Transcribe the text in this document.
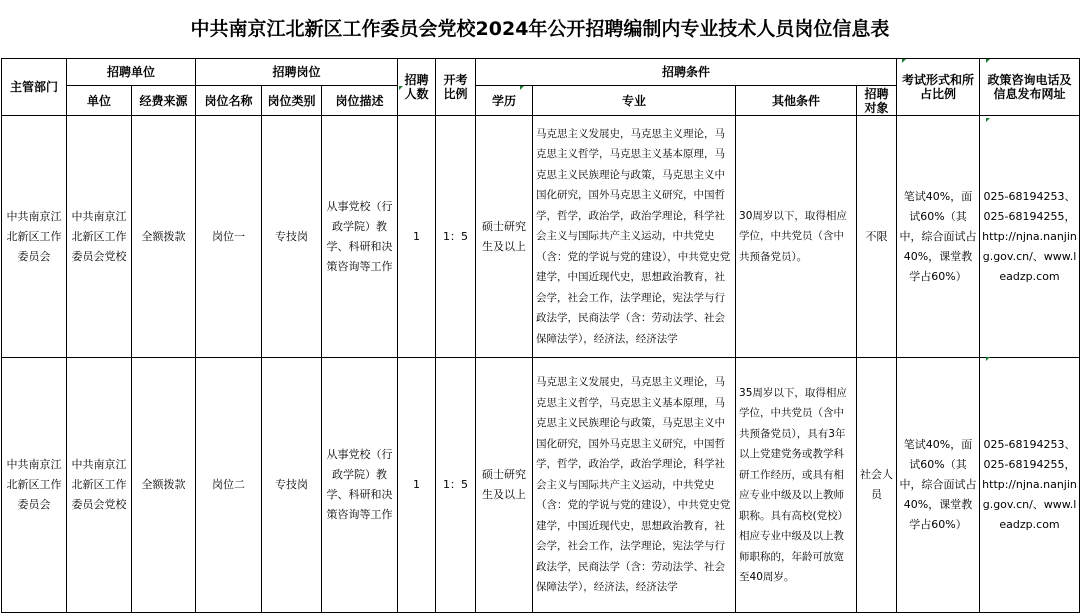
中共南京江北新区工作委员会党校2024年公开招聘编制内专业技术人员岗位信息表
主管部门	招聘单位		招聘岗位			招聘人数	开考比例	招聘条件				考试形式和所占比例	政策咨询电话及信息发布网址
	单位	经费来源	岗位名称	岗位类别	岗位描述			学历	专业	其他条件	招聘对象		
中共南京江北新区工作委员会	中共南京江北新区工作委员会党校	全额拨款	岗位一	专技岗	从事党校（行政学院）教学、科研和决策咨询等工作	1	1：5	硕士研究生及以上	马克思主义发展史，马克思主义理论，马克思主义哲学，马克思主义基本原理，马克思主义民族理论与政策，马克思主义中国化研究，国外马克思主义研究，中国哲学，哲学，政治学，政治学理论，科学社会主义与国际共产主义运动，中共党史（含：党的学说与党的建设），中共党史党建学，中国近现代史，思想政治教育，社会学，社会工作，法学理论，宪法学与行政法学，民商法学（含：劳动法学、社会保障法学），经济法，经济法学	30周岁以下，取得相应学位，中共党员（含中共预备党员）。	不限	笔试40%，面试60%（其中，综合面试占40%，课堂教学占60%）	025-68194253、025-68194255，http://njna.nanjing.gov.cn/、www.leadzp.com
中共南京江北新区工作委员会	中共南京江北新区工作委员会党校	全额拨款	岗位二	专技岗	从事党校（行政学院）教学、科研和决策咨询等工作	1	1：5	硕士研究生及以上	马克思主义发展史，马克思主义理论，马克思主义哲学，马克思主义基本原理，马克思主义民族理论与政策，马克思主义中国化研究，国外马克思主义研究，中国哲学，哲学，政治学，政治学理论，科学社会主义与国际共产主义运动，中共党史（含：党的学说与党的建设），中共党史党建学，中国近现代史，思想政治教育，社会学，社会工作，法学理论，宪法学与行政法学，民商法学（含：劳动法学、社会保障法学），经济法，经济法学	35周岁以下，取得相应学位，中共党员（含中共预备党员），具有3年以上党建党务或教学科研工作经历，或具有相应专业中级及以上教师职称。具有高校(党校）相应专业中级及以上教师职称的，年龄可放宽至40周岁。	社会人员	笔试40%，面试60%（其中，综合面试占40%，课堂教学占60%）	025-68194253、025-68194255，http://njna.nanjing.gov.cn/、www.leadzp.com
